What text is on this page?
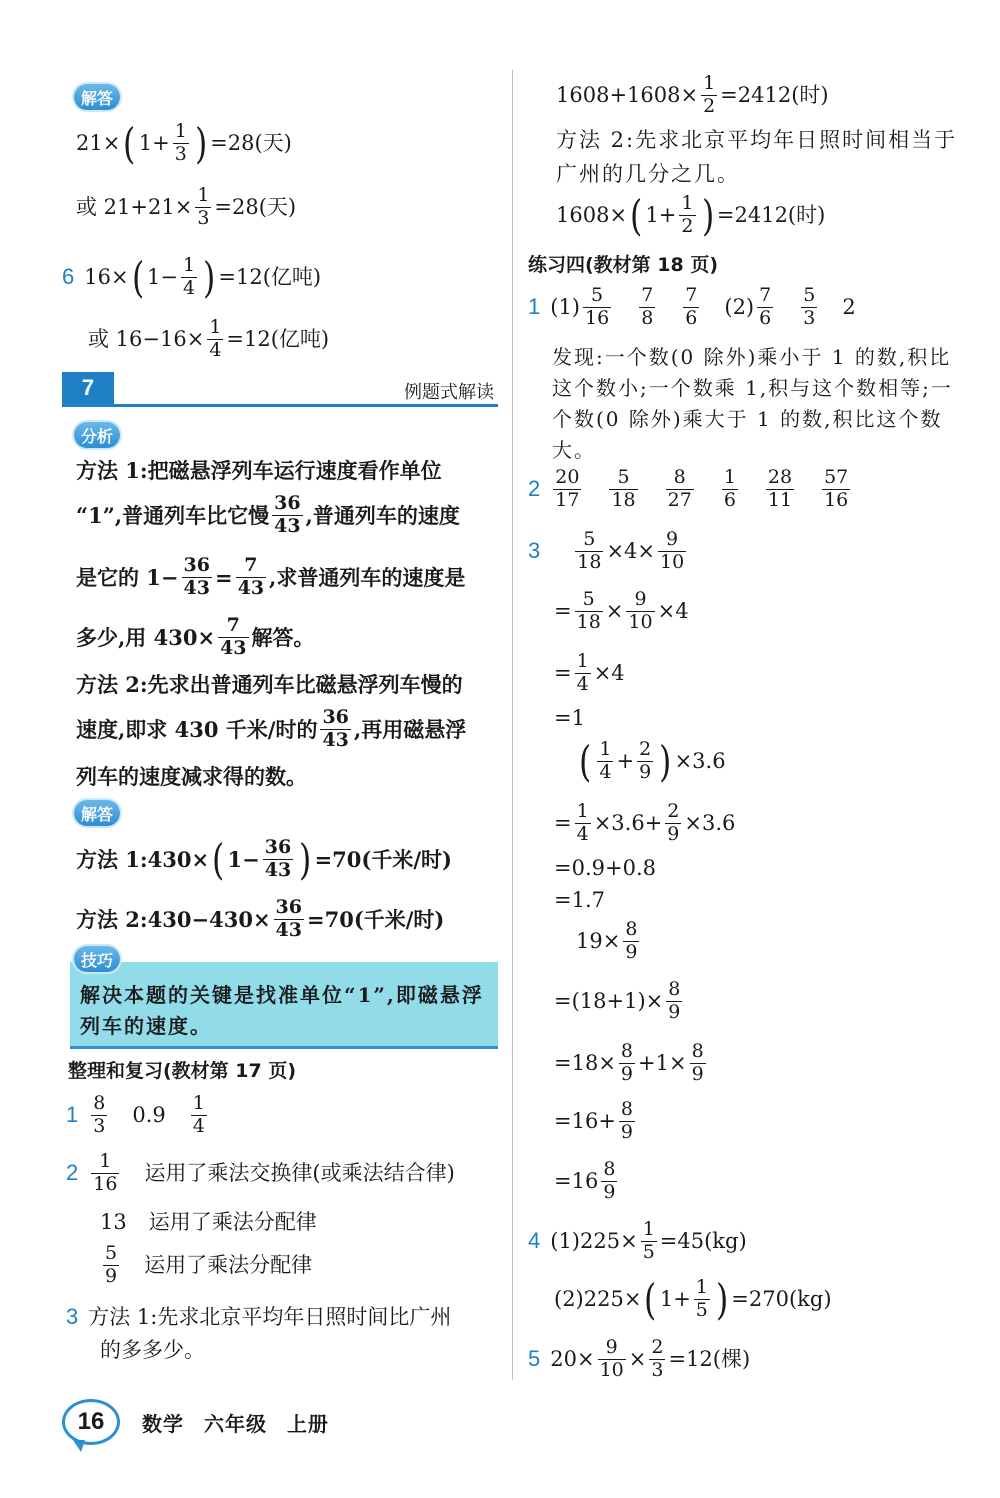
解答
21× ( $1+ \frac{1}{3}$ ) =28(天)
或 $21+21\times \frac{1}{3} =28$(天)
6 16× ( $1- \frac{1}{4}$ ) =12(亿吨)
或 $16-16\times \frac{1}{4} =12$(亿吨)
7	例题式解读
分析
方法 1:把磁悬浮列车运行速度看作单位
“1”,普通列车比它慢 $\frac{36}{43}$ ,普通列车的速度
是它的 $1- \frac{36}{43} = \frac{7}{43}$ ,求普通列车的速度是
多少,用 $430\times \frac{7}{43}$ 解答。
方法 2:先求出普通列车比磁悬浮列车慢的
速度,即求 430 千米/时的 $\frac{36}{43}$ ,再用磁悬浮
列车的速度减求得的数。
解答
方法 1:430× ( $1- \frac{36}{43}$ ) =70(千米/时)
方法 2:430−430× $\frac{36}{43} =70$(千米/时)
解决本题的关键是找准单位“1”,即磁悬浮列车的速度。
技巧
整理和复习(教材第 17 页)
$1 \frac{8}{3} 0.9 \frac{1}{4}$
$2 \frac{1}{16}$ 运用了乘法交换律(或乘法结合律)
13 运用了乘法分配律
$\frac{5}{9}$ 运用了乘法分配律
3 方法 1:先求北京平均年日照时间比广州
的多多少。
$1608+1608\times \frac{1}{2} =2412$(时)
方法 2:先求北京平均年日照时间相当于
广州的几分之几。
1608× ( $1+ \frac{1}{2}$ ) =2412(时)
练习四(教材第 18 页)
1 $(1) \frac{5}{16} \frac{7}{8} \frac{7}{6} (2) \frac{7}{6} \frac{5}{3} 2$
发现:一个数(0 除外)乘小于 1 的数,积比这个数小;一个数乘 1,积与这个数相等;一个数(0 除外)乘大于 1 的数,积比这个数大。
$2 \frac{20}{17} \frac{5}{18} \frac{8}{27} \frac{1}{6} \frac{28}{11} \frac{57}{16}$
$3 \frac{5}{18} \times 4\times \frac{9}{10}$
= $\frac{5}{18} \times \frac{9}{10} \times 4$
= $\frac{1}{4} \times 4$
=1
( $\frac{1}{4} + \frac{2}{9}$ ) ×3.6
= $\frac{1}{4} \times 3.6+ \frac{2}{9} \times 3.6$
=0.9+0.8
=1.7
$19\times \frac{8}{9}$
$=(18+1)\times \frac{8}{9}$
$=18\times \frac{8}{9} +1\times \frac{8}{9}$
$=16+ \frac{8}{9}$
$=16 \frac{8}{9}$
4 $(1)225\times \frac{1}{5} =45(kg)$
(2)225× ( $1+ \frac{1}{5}$ ) =270(kg)
5 $20\times \frac{9}{10} \times \frac{2}{3} =12$(棵)
16	数学 六年级 上册
